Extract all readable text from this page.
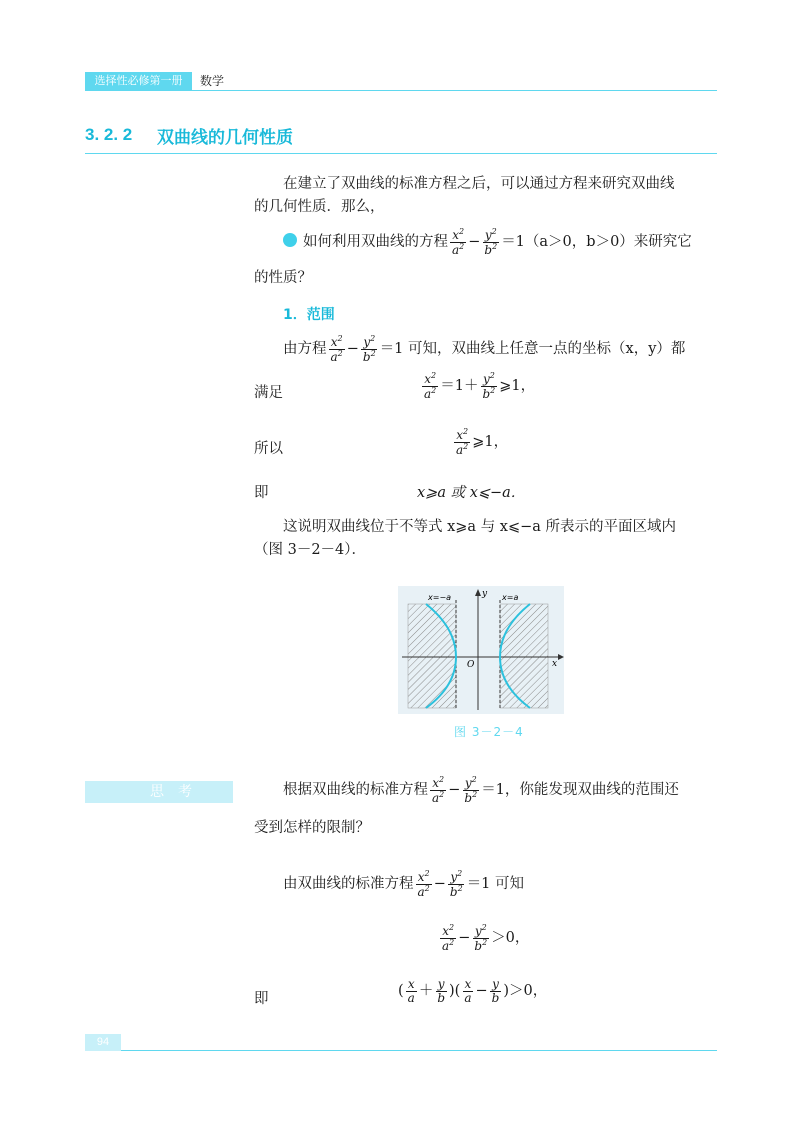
选择性必修第一册	数学
3. 2. 2 双曲线的几何性质
在建立了双曲线的标准方程之后，可以通过方程来研究双曲线
的几何性质．那么，
如何利用双曲线的方程 $\frac{x^2}{a^2} - \frac{y^2}{b^2} =1(a>0$，b＞0）来研究它
的性质？
1．范围
由方程 $\frac{x^2}{a^2} - \frac{y^2}{b^2} =1$ 可知，双曲线上任意一点的坐标（x，y）都
满足	$\frac{x^2}{a^2} =1+ \frac{y^2}{b^2}$ ⩾1，
所以	$\frac{x^2}{a^2}$ ⩾1，
即	x⩾a 或 x⩽−a．
这说明双曲线位于不等式 x⩾a 与 x⩽−a 所表示的平面区域内
（图 3－2－4）．
x=−a	x=a
y
x
O
图 3－2－4
思考	根据双曲线的标准方程 $\frac{x^2}{a^2} - \frac{y^2}{b^2} =1$，你能发现双曲线的范围还
受到怎样的限制？
由双曲线的标准方程 $\frac{x^2}{a^2} - \frac{y^2}{b^2} =1$ 可知
$\frac{x^2}{a^2} - \frac{y^2}{b^2} >0$，
即	( $\frac{x}{a} + \frac{y}{b}$ )( $\frac{x}{a} - \frac{y}{b} )>0$，
94
